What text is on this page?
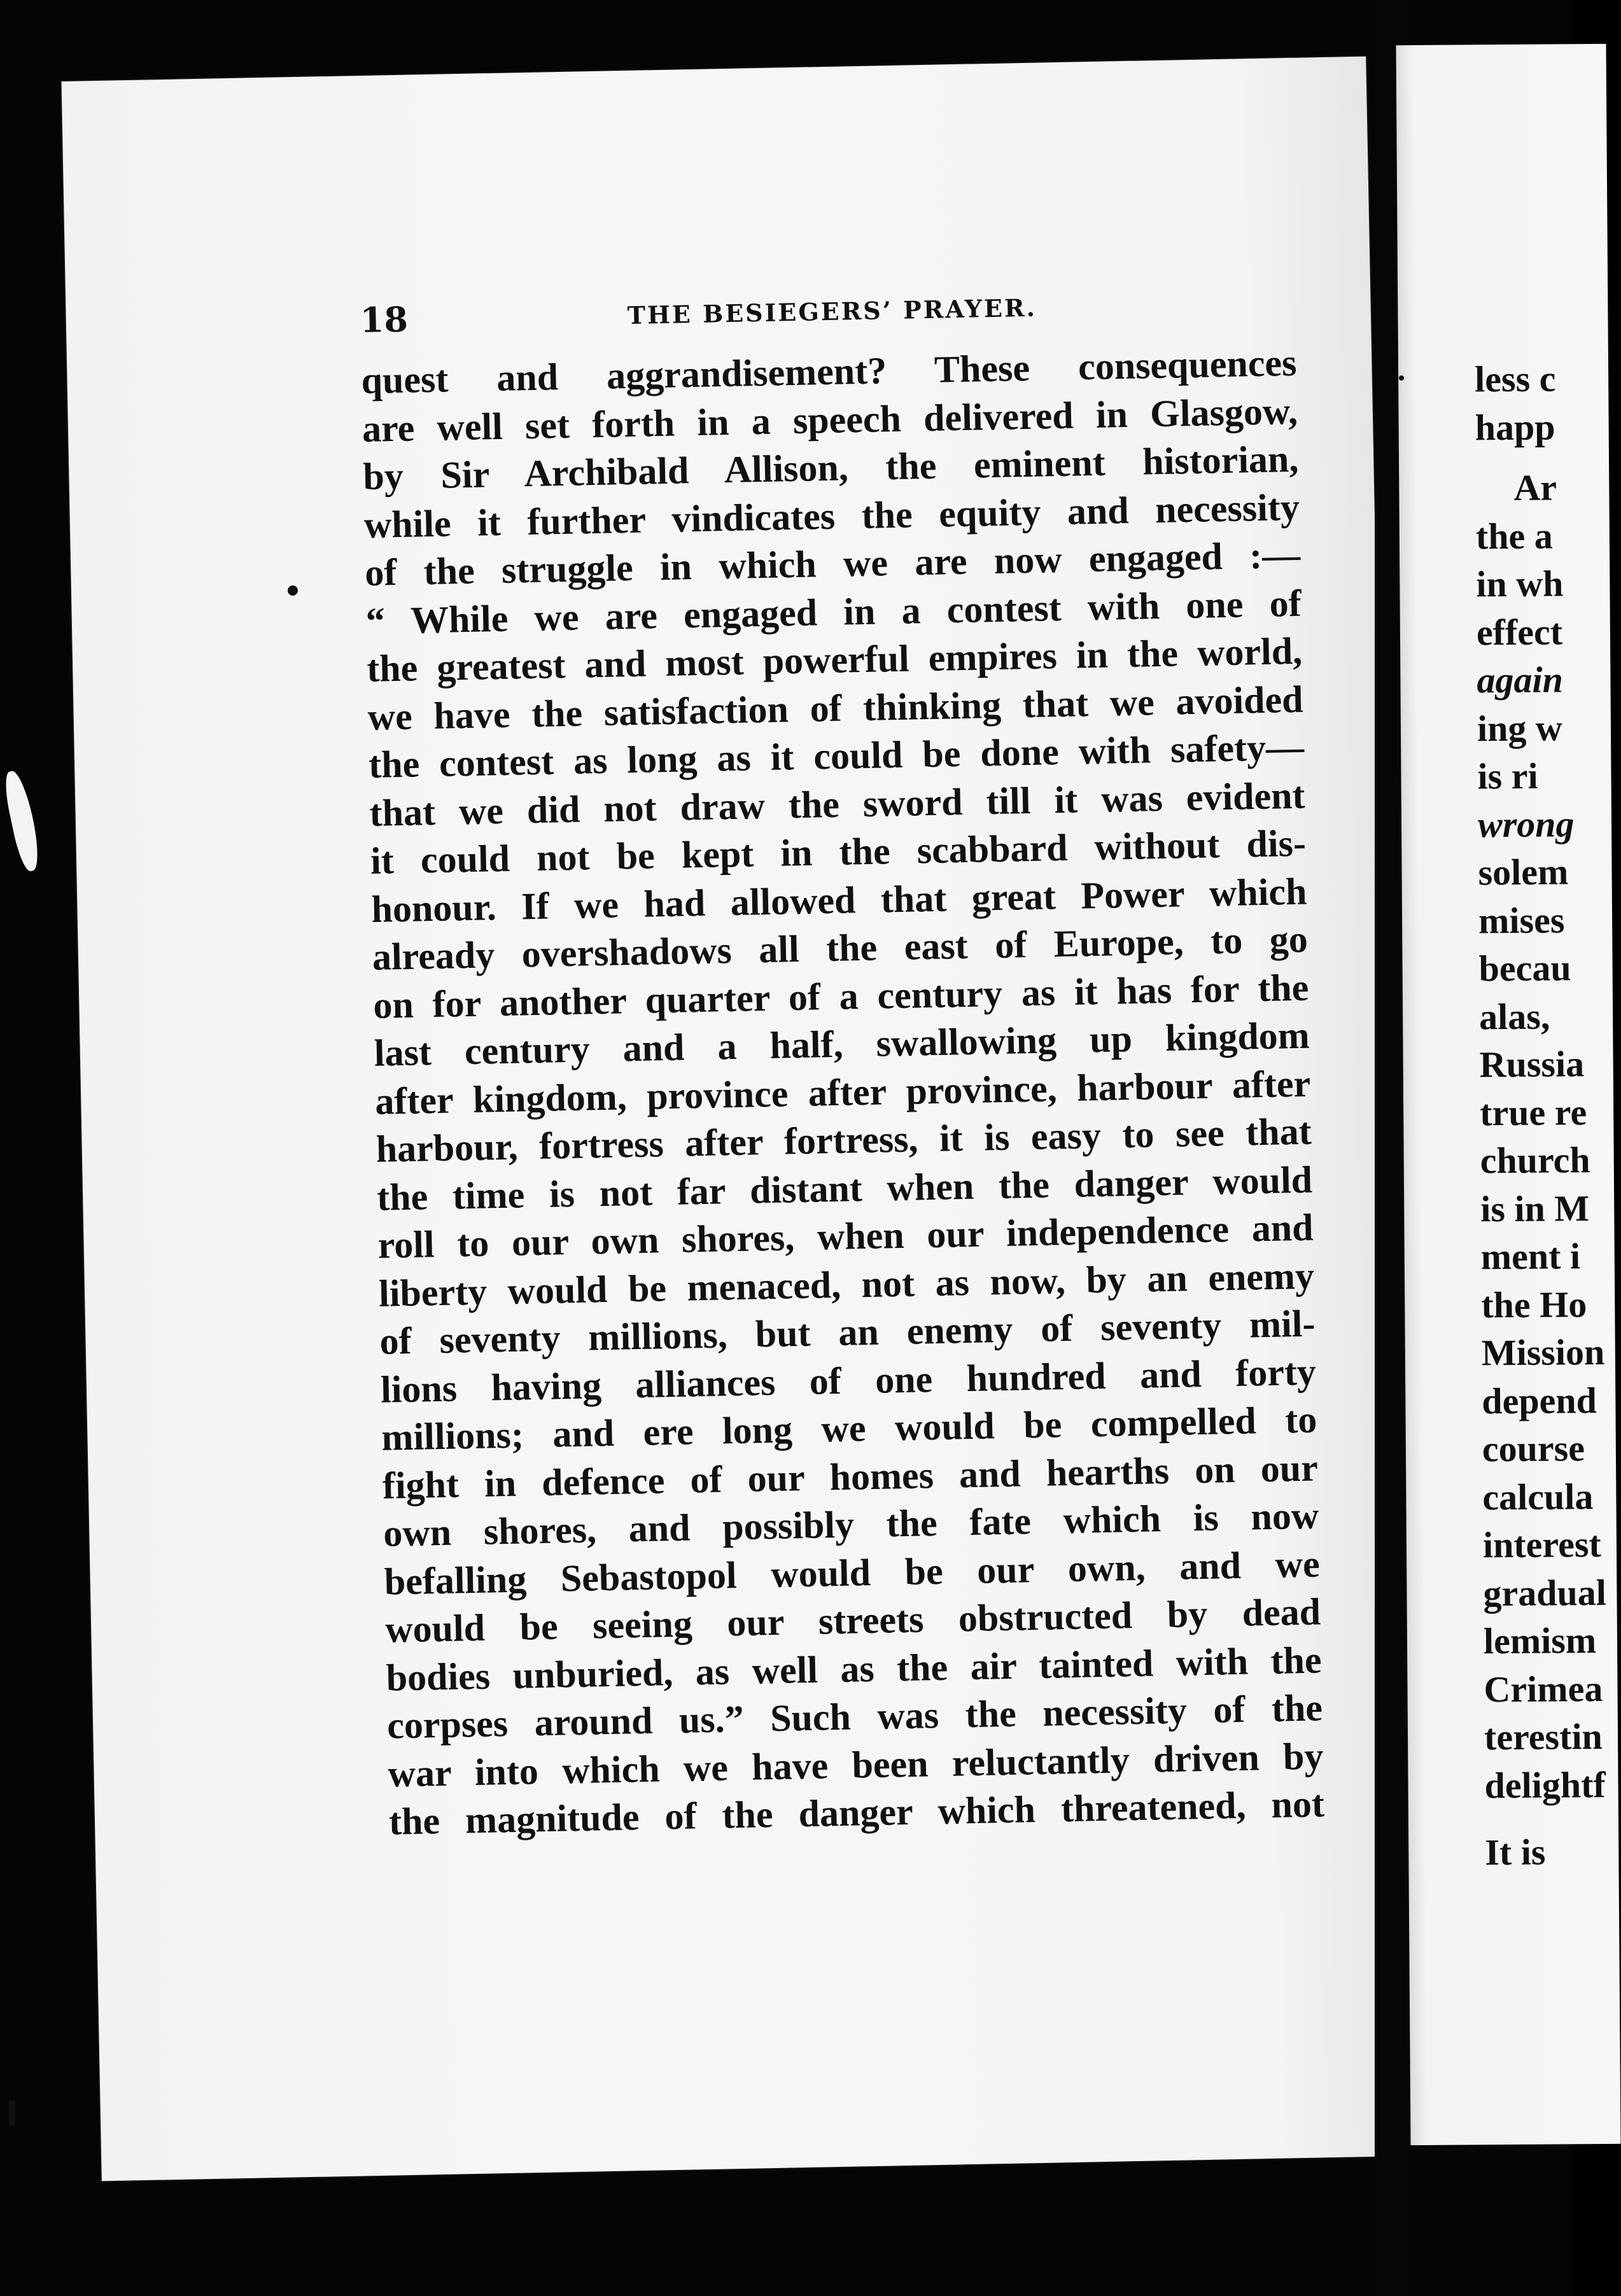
18	THE BESIEGERS’ PRAYER.
quest and aggrandisement? These consequences
are well set forth in a speech delivered in Glasgow,
by Sir Archibald Allison, the eminent historian,
while it further vindicates the equity and necessity
of the struggle in which we are now engaged :—
“ While we are engaged in a contest with one of
the greatest and most powerful empires in the world,
we have the satisfaction of thinking that we avoided
the contest as long as it could be done with safety—
that we did not draw the sword till it was evident
it could not be kept in the scabbard without dis-
honour. If we had allowed that great Power which
already overshadows all the east of Europe, to go
on for another quarter of a century as it has for the
last century and a half, swallowing up kingdom
after kingdom, province after province, harbour after
harbour, fortress after fortress, it is easy to see that
the time is not far distant when the danger would
roll to our own shores, when our independence and
liberty would be menaced, not as now, by an enemy
of seventy millions, but an enemy of seventy mil-
lions having alliances of one hundred and forty
millions; and ere long we would be compelled to
fight in defence of our homes and hearths on our
own shores, and possibly the fate which is now
befalling Sebastopol would be our own, and we
would be seeing our streets obstructed by dead
bodies unburied, as well as the air tainted with the
corpses around us.” Such was the necessity of the
war into which we have been reluctantly driven by
the magnitude of the danger which threatened, not
less c
happ
Ar
the a
in wh
effect
again
ing w
is ri
wrong
solem
mises
becau
alas,
Russia
true re
church
is in M
ment i
the Ho
Mission
depend
course
calcula
interest
gradual
lemism
Crimea
terestin
delightf
It is
